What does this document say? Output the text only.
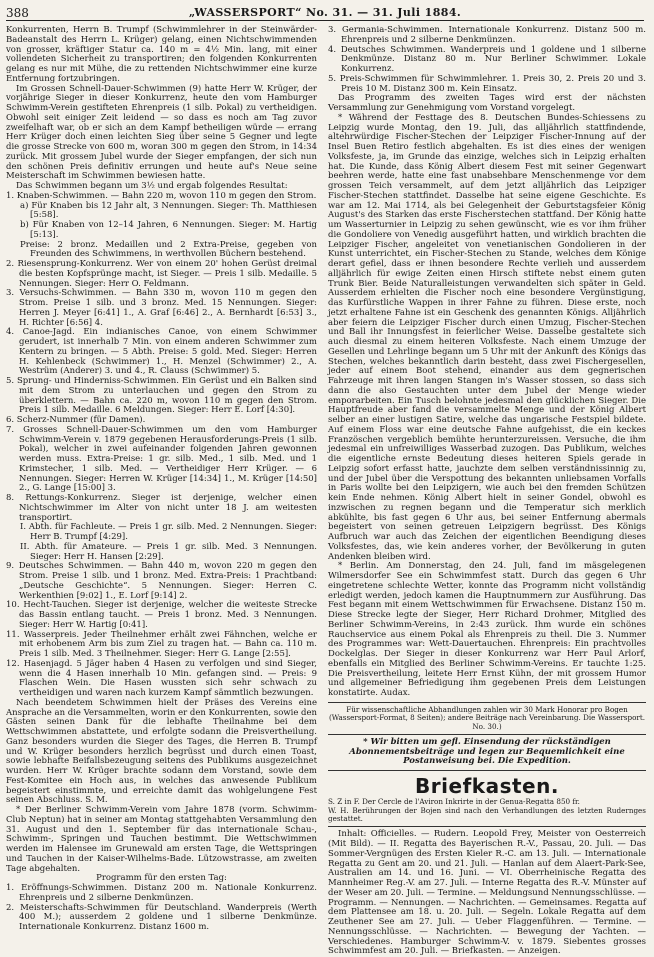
388	„WASSERSPORT“ No. 31. — 31. Juli 1884.

Konkurrenten, Herrn B. Trumpf (Schwimmlehrer in der Steinwärder-Badeanstalt des Herrn L. Krüger) gelang, einen Nichtschwimmenden von grosser, kräftiger Statur ca. 140 m = 4½ Min. lang, mit einer vollendeten Sicherheit zu transportiren; den folgenden Konkurrenten gelang es nur mit Mühe, die zu rettenden Nichtschwimmer eine kurze Entfernung fortzubringen.

Im Grossen Schnell-Dauer-Schwimmen (9) hatte Herr W. Krüger, der vorjährige Sieger in dieser Konkurrenz, heute den vom Hamburger Schwimm-Verein gestifteten Ehrenpreis (1 silb. Pokal) zu vertheidigen. Obwohl seit einiger Zeit leidend — so dass es noch am Tag zuvor zweifelhaft war, ob er sich an dem Kampf betheiligen würde — errang Herr Krüger doch einen leichten Sieg über seine 5 Gegner und legte die grosse Strecke von 600 m, woran 300 m gegen den Strom, in 14:34 zurück. Mit grossem Jubel wurde der Sieger empfangen, der sich nun den schönen Preis definitiv errungen und heute auf's Neue seine Meisterschaft im Schwimmen bewiesen hatte.

Das Schwimmen begann um 3½ und ergab folgendes Resultat:

1. Knaben-Schwimmen. — Bahn 220 m, wovon 110 m gegen den Strom.

a) Für Knaben bis 12 Jahr alt, 3 Nennungen. Sieger: Th. Matthiesen [5:58].

b) Für Knaben von 12–14 Jahren, 6 Nennungen. Sieger: M. Hartig [5:13].

Preise: 2 bronz. Medaillen und 2 Extra-Preise, gegeben von Freunden des Schwimmens, in werthvollen Büchern bestehend.

2. Riesensprung-Konkurrenz. Wer von einem 20' hohen Gerüst dreimal die besten Kopfsprünge macht, ist Sieger. — Preis 1 silb. Medaille. 5 Nennungen. Sieger: Herr O. Feldmann.

3. Versuchs-Schwimmen. — Bahn 330 m, wovon 110 m gegen den Strom. Preise 1 silb. und 3 bronz. Med. 15 Nennungen. Sieger: Herren J. Meyer [6:41] 1., A. Graf [6:46] 2., A. Bernhardt [6:53] 3., H. Richter [6:56] 4.

4. Canoe-Jagd. Ein indianisches Canoe, von einem Schwimmer gerudert, ist innerhalb 7 Min. von einem anderen Schwimmer zum Kentern zu bringen. — 5 Abth. Preise: 5 gold. Med. Sieger: Herren H. Kehlenbeck (Schwimmer) 1., H. Menzel (Schwimmer) 2., A. Westrüm (Anderer) 3. und 4., R. Clauss (Schwimmer) 5.

5. Sprung- und Hinderniss-Schwimmen. Ein Gerüst und ein Balken sind mit dem Strom zu unterlauchen und gegen den Strom zu überklettern. — Bahn ca. 220 m, wovon 110 m gegen den Strom. Preis 1 silb. Medaille. 6 Meldungen. Sieger: Herr E. Lorf [4:30].

6. Scherz-Nummer (für Damen).

7. Grosses Schnell-Dauer-Schwimmen um den vom Hamburger Schwimm-Verein v. 1879 gegebenen Herausforderungs-Preis (1 silb. Pokal), welcher in zwei aufeinander folgenden Jahren gewonnen werden muss. Extra-Preise: 1 gr. silb. Med., 1 silb. Med. und 1 Krimstecher, 1 silb. Med. — Vertheidiger Herr Krüger. — 6 Nennungen. Sieger: Herren W. Krüger [14:34] 1., M. Krüger [14:50] 2., G. Lange [15:00] 3.

8. Rettungs-Konkurrenz. Sieger ist derjenige, welcher einen Nichtschwimmer im Alter von nicht unter 18 J. am weitesten transportirt.

I. Abth. für Fachleute. — Preis 1 gr. silb. Med. 2 Nennungen. Sieger: Herr B. Trumpf [4:29].

II. Abth. für Amateure. — Preis 1 gr. silb. Med. 3 Nennungen. Sieger: Herr H. Hansen [2:29].

9. Deutsches Schwimmen. — Bahn 440 m, wovon 220 m gegen den Strom. Preise 1 silb. und 1 bronz. Med. Extra-Preis: 1 Prachtband: „Deutsche Geschichte“. 5 Nennungen. Sieger: Herren C. Werkenthien [9:02] 1., E. Lorf [9:14] 2.

10. Hecht-Tauchen. Sieger ist derjenige, welcher die weiteste Strecke das Bassin entlang taucht. — Preis 1 bronz. Med. 3 Nennungen. Sieger: Herr W. Hartig [0:41].

11. Wasserpreis. Jeder Theilnehmer erhält zwei Fähnchen, welche er mit erhobenem Arm bis zum Ziel zu tragen hat. — Bahn ca. 110 m. Preis 1 silb. Med. 3 Theilnehmer. Sieger: Herr G. Lange [2:55].

12. Hasenjagd. 5 Jäger haben 4 Hasen zu verfolgen und sind Sieger, wenn die 4 Hasen innerhalb 10 Min. gefangen sind. — Preis: 9 Flaschen Wein. Die Hasen wussten sich sehr schwach zu vertheidigen und waren nach kurzem Kampf sämmtlich bezwungen.

Nach beendetem Schwimmen hielt der Präses des Vereins eine Ansprache an die Versammelten, worin er den Konkurrenten, sowie den Gästen seinen Dank für die lebhafte Theilnahme bei dem Wettschwimmen abstattete, und erfolgte sodann die Preisvertheilung. Ganz besonders wurden die Sieger des Tages, die Herren B. Trumpf und W. Krüger besonders herzlich begrüsst und durch einen Toast, sowie lebhafte Beifallsbezeugung seitens des Publikums ausgezeichnet wurden. Herr W. Krüger brachte sodann dem Vorstand, sowie dem Fest-Komitee ein Hoch aus, in welches das anwesende Publikum begeistert einstimmte, und erreichte damit das wohlgelungene Fest seinen Abschluss. S. M.

* Der Berliner Schwimm-Verein vom Jahre 1878 (vorm. Schwimm-Club Neptun) hat in seiner am Montag stattgehabten Versammlung den 31. August und den 1. September für das internationale Schau-, Schwimm-, Springen und Tauchen bestimmt. Die Wettschwimmen werden im Halensee im Grunewald am ersten Tage, die Wettspringen und Tauchen in der Kaiser-Wilhelms-Bade. Lützowstrasse, am zweiten Tage abgehalten.

Programm für den ersten Tag:

1. Eröffnungs-Schwimmen. Distanz 200 m. Nationale Konkurrenz. Ehrenpreis und 2 silberne Denkmünzen.

2. Meisterschafts-Schwimmen für Deutschland. Wanderpreis (Werth 400 M.); ausserdem 2 goldene und 1 silberne Denkmünze. Internationale Konkurrenz. Distanz 1600 m.

3. Germania-Schwimmen. Internationale Konkurrenz. Distanz 500 m. Ehrenpreis und 2 silberne Denkmünzen.

4. Deutsches Schwimmen. Wanderpreis und 1 goldene und 1 silberne Denkmünze. Distanz 80 m. Nur Berliner Schwimmer. Lokale Konkurrenz.

5. Preis-Schwimmen für Schwimmlehrer. 1. Preis 30, 2. Preis 20 und 3. Preis 10 M. Distanz 300 m. Kein Einsatz.

Das Programm des zweiten Tages wird erst der nächsten Versammlung zur Genehmigung vom Vorstand vorgelegt.

* Während der Festtage des 8. Deutschen Bundes-Schiessens zu Leipzig wurde Montag, den 19. Juli, das alljährlich stattfindende, altehrwürdige Fischer-Stechen der Leipziger Fischer-Innung auf der Insel Buen Retiro festlich abgehalten. Es ist dies eines der wenigen Volksfeste, ja, im Grunde das einzige, welches sich in Leipzig erhalten hat. Die Kunde, dass König Albert diesem Fest mit seiner Gegenwart beehren werde, hatte eine fast unabsehbare Menschenmenge vor dem grossen Teich versammelt, auf dem jetzt alljährlich das Leipziger Fischer-Stechen stattfindet. Dasselbe hat seine eigene Geschichte. Es war am 12. Mai 1714, als bei Gelegenheit der Geburtstagsfeier König August's des Starken das erste Fischerstechen stattfand. Der König hatte um Wasserturnier in Leipzig zu sehen gewünscht, wie es vor ihm früher die Gondoliere von Venedig ausgeführt hatten, und wirklich brachten die Leipziger Fischer, angeleitet von venetianischen Gondolieren in der Kunst unterrichtet, ein Fischer-Stechen zu Stande, welches dem Könige derart gefiel, dass er ihnen besondere Rechte verlieh und ausserdem alljährlich für ewige Zeiten einen Hirsch stiftete nebst einem guten Trunk Bier. Beide Naturalleistungen verwandelten sich später in Geld. Ausserdem erhielten die Fischer noch eine besondere Vergünstigung, das Kurfürstliche Wappen in ihrer Fahne zu führen. Diese erste, noch jetzt erhaltene Fahne ist ein Geschenk des genannten Königs. Alljährlich aber feiern die Leipziger Fischer durch einen Umzug, Fischer-Stechen und Ball ihr Innungsfest in feierlicher Weise. Dasselbe gestaltete sich auch diesmal zu einem heiteren Volksfeste. Nach einem Umzuge der Gesellen und Lehrlinge begann um 5 Uhr mit der Ankunft des Königs das Stechen, welches bekanntlich darin besteht, dass zwei Fischergesellen, jeder auf einem Boot stehend, einander aus dem gegnerischen Fahrzeuge mit ihren langen Stangen in's Wasser stossen, so dass sich dann die also Gestauchten unter dem Jubel der Menge wieder emporarbeiten. Ein Tusch belohnte jedesmal den glücklichen Sieger. Die Hauptfreude aber fand die versammelte Menge und der König Albert selber an einer lustigen Satire, welche das ungarische Festspiel bildete. Auf einem Floss war eine deutsche Fahne aufgehisst, die ein keckes Französchen vergeblich bemühte herunterzureissen. Versuche, die ihm jedesmal ein unfreiwilliges Wasserbad zuzogen. Das Publikum, welches die eigentliche ernste Bedeutung dieses heiteren Spiels gerade in Leipzig sofort erfasst hatte, jauchzte dem selben verständnissinnig zu, und der Jubel über die Verspottung des bekannten unliebsamen Vorfalls in Paris wollte bei den Leipzigern, wie auch bei den fremden Schützen kein Ende nehmen. König Albert hielt in seiner Gondel, obwohl es inzwischen zu regnen begann und die Temperatur sich merklich abkühlte, bis fast gegen 6 Uhr aus, bei seiner Entfernung abermals begeistert von seinen getreuen Leipzigern begrüsst. Des Königs Aufbruch war auch das Zeichen der eigentlichen Beendigung dieses Volksfestes, das, wie kein anderes vorher, der Bevölkerung in guten Andenken bleiben wird.

* Berlin. Am Donnerstag, den 24. Juli, fand im mäsgelegenen Wilmersdorfer See ein Schwimmfest statt. Durch das gegen 6 Uhr eingetretene schlechte Wetter, konnte das Programm nicht vollständig erledigt werden, jedoch kamen die Hauptnummern zur Ausführung. Das Fest begann mit einem Wettschwimmen für Erwachsene. Distanz 150 m. Diese Strecke legte der Sieger, Herr Richard Drohmer, Mitglied des Berliner Schwimm-Vereins, in 2:43 zurück. Ihm wurde ein schönes Rauchservice aus einem Pokal als Ehrenpreis zu theil. Die 3. Nummer des Programmes war: Wett-Dauertauchen. Ehrenpreis: Ein prachtvolles Dockelglas. Der Sieger in dieser Konkurrenz war Herr Paul Arlorf, ebenfalls ein Mitglied des Berliner Schwimm-Vereins. Er tauchte 1:25. Die Preisvertheilung, leitete Herr Ernst Kühn, der mit grossem Humor und allgemeiner Befriedigung ihm gegebenen Preis dem Leistungen konstatirte. Audax.

Für wissenschaftliche Abhandlungen zahlen wir 30 Mark Honorar pro Bogen (Wassersport-Format, 8 Seiten); andere Beiträge nach Vereinbarung. Die Wassersport. No. 30.)

* Wir bitten um gefl. Einsendung der rückständigen Abonnementsbeiträge und legen zur Bequemlichkeit eine Postanweisung bei. Die Expedition.

Briefkasten.

S. Z in F. Der Cercle de l'Aviron Inkrirte in der Genua-Regatta 850 fr.

W. H. Berührungen der Bojen sind nach den Verhandlungen des letzten Rudernges gestattet.

Inhalt: Officielles. — Rudern. Leopold Frey, Meister von Oesterreich (Mit Bild). — II. Regatta des Bayerischen R.-V., Passau, 20. Juli. — Das Sommer-Vergnügen des Ersten Kieler R.-C. am 13. Juli. — Internationale Regatta zu Gent am 20. und 21. Juli. — Hanlan auf dem Alaert-Park-See, Australien am 14. und 16. Juni. — VI. Oberrheinische Regatta des Mannheimer Reg.-V. am 27. Juli. — Interne Regatta des R.-V. Münster auf der Weser am 20. Juli. — Termine. — Meldungsund Nennungsschlüsse. — Programm. — Nennungen. — Nachrichten. — Gemeinsames. Regatta auf dem Plattensee am 18. u. 20. Juli. — Segeln. Lokale Regatta auf dem Zeuthener See am 27. Juli. — Ueber Flaggenführen. — Termine. — Nennungsschlüsse. — Nachrichten. — Bewegung der Yachten. — Verschiedenes. Hamburger Schwimm-V. v. 1879. Siebentes grosses Schwimmfest am 20. Juli. — Briefkasten. — Anzeigen.
